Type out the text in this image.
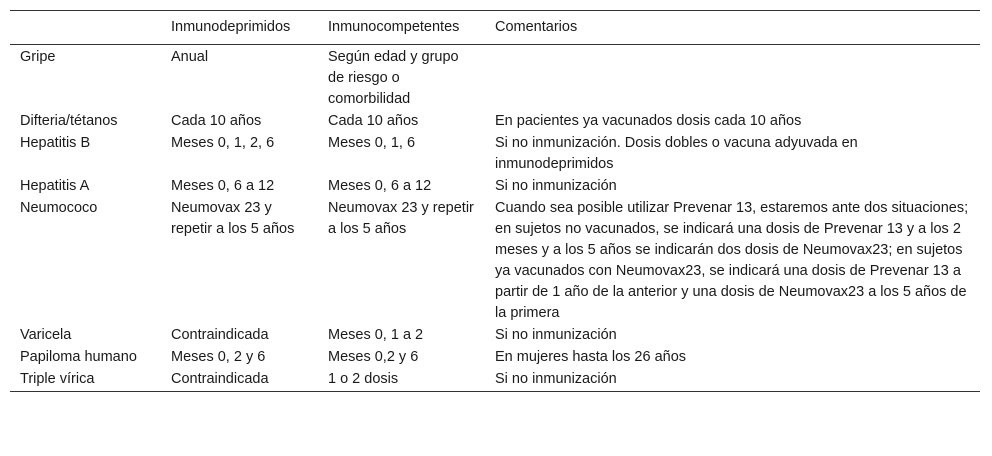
	Inmunodeprimidos	Inmunocompetentes	Comentarios
Gripe	Anual	Según edad y grupo de riesgo o comorbilidad	
Difteria/tétanos	Cada 10 años	Cada 10 años	En pacientes ya vacunados dosis cada 10 años
Hepatitis B	Meses 0, 1, 2, 6	Meses 0, 1, 6	Si no inmunización. Dosis dobles o vacuna adyuvada en inmunodeprimidos
Hepatitis A	Meses 0, 6 a 12	Meses 0, 6 a 12	Si no inmunización
Neumococo	Neumovax 23 y repetir a los 5 años	Neumovax 23 y repetir a los 5 años	Cuando sea posible utilizar Prevenar 13, estaremos ante dos situaciones; en sujetos no vacunados, se indicará una dosis de Prevenar 13 y a los 2 meses y a los 5 años se indicarán dos dosis de Neumovax23; en sujetos ya vacunados con Neumovax23, se indicará una dosis de Prevenar 13 a partir de 1 año de la anterior y una dosis de Neumovax23 a los 5 años de la primera
Varicela	Contraindicada	Meses 0, 1 a 2	Si no inmunización
Papiloma humano	Meses 0, 2 y 6	Meses 0,2 y 6	En mujeres hasta los 26 años
Triple vírica	Contraindicada	1 o 2 dosis	Si no inmunización
